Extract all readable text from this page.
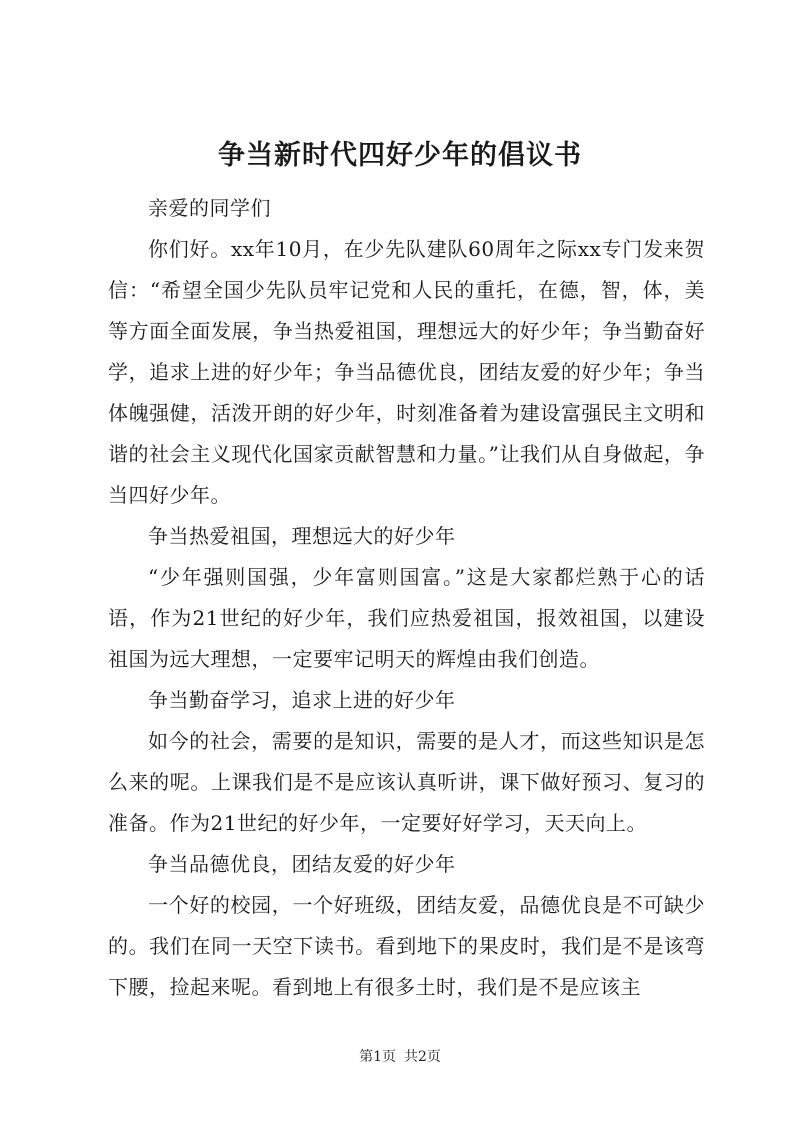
争当新时代四好少年的倡议书

亲爱的同学们

你们好。xx年10月，在少先队建队60周年之际xx专门发来贺信：“希望全国少先队员牢记党和人民的重托，在德，智，体，美等方面全面发展，争当热爱祖国，理想远大的好少年；争当勤奋好学，追求上进的好少年；争当品德优良，团结友爱的好少年；争当体魄强健，活泼开朗的好少年，时刻准备着为建设富强民主文明和谐的社会主义现代化国家贡献智慧和力量。”让我们从自身做起，争当四好少年。

争当热爱祖国，理想远大的好少年

“少年强则国强，少年富则国富。”这是大家都烂熟于心的话语，作为21世纪的好少年，我们应热爱祖国，报效祖国，以建设祖国为远大理想，一定要牢记明天的辉煌由我们创造。

争当勤奋学习，追求上进的好少年

如今的社会，需要的是知识，需要的是人才，而这些知识是怎么来的呢。上课我们是不是应该认真听讲，课下做好预习、复习的准备。作为21世纪的好少年，一定要好好学习，天天向上。

争当品德优良，团结友爱的好少年

一个好的校园，一个好班级，团结友爱，品德优良是不可缺少的。我们在同一天空下读书。看到地下的果皮时，我们是不是该弯下腰，捡起来呢。看到地上有很多土时，我们是不是应该主

第1页 共2页
